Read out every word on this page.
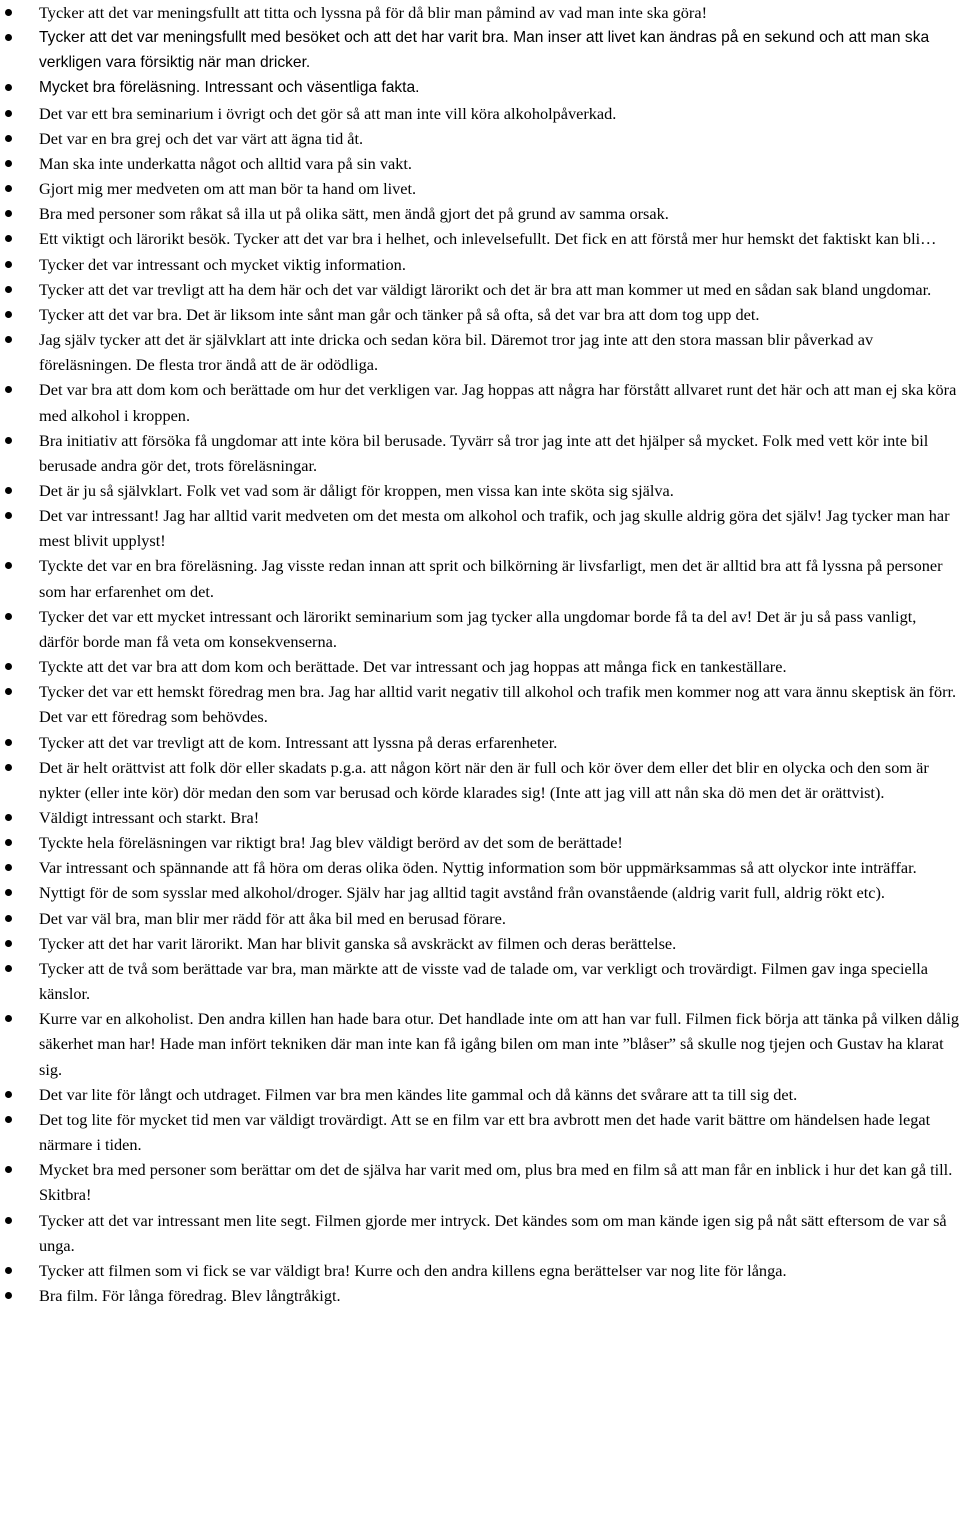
Tycker att det var meningsfullt att titta och lyssna på för då blir man påmind av vad man inte ska göra!
Tycker att det var meningsfullt med besöket och att det har varit bra. Man inser att livet kan ändras på en sekund och att man ska verkligen vara försiktig när man dricker.
Mycket bra föreläsning. Intressant och väsentliga fakta.
Det var ett bra seminarium i övrigt och det gör så att man inte vill köra alkoholpåverkad.
Det var en bra grej och det var värt att ägna tid åt.
Man ska inte underkatta något och alltid vara på sin vakt.
Gjort mig mer medveten om att man bör ta hand om livet.
Bra med personer som råkat så illa ut på olika sätt, men ändå gjort det på grund av samma orsak.
Ett viktigt och lärorikt besök. Tycker att det var bra i helhet, och inlevelsefullt. Det fick en att förstå mer hur hemskt det faktiskt kan bli…
Tycker det var intressant och mycket viktig information.
Tycker att det var trevligt att ha dem här och det var väldigt lärorikt och det är bra att man kommer ut med en sådan sak bland ungdomar.
Tycker att det var bra. Det är liksom inte sånt man går och tänker på så ofta, så det var bra att dom tog upp det.
Jag själv tycker att det är självklart att inte dricka och sedan köra bil. Däremot tror jag inte att den stora massan blir påverkad av föreläsningen. De flesta tror ändå att de är odödliga.
Det var bra att dom kom och berättade om hur det verkligen var. Jag hoppas att några har förstått allvaret runt det här och att man ej ska köra med alkohol i kroppen.
Bra initiativ att försöka få ungdomar att inte köra bil berusade. Tyvärr så tror jag inte att det hjälper så mycket. Folk med vett kör inte bil berusade andra gör det, trots föreläsningar.
Det är ju så självklart. Folk vet vad som är dåligt för kroppen, men vissa kan inte sköta sig själva.
Det var intressant! Jag har alltid varit medveten om det mesta om alkohol och trafik, och jag skulle aldrig göra det själv! Jag tycker man har mest blivit upplyst!
Tyckte det var en bra föreläsning. Jag visste redan innan att sprit och bilkörning är livsfarligt, men det är alltid bra att få lyssna på personer som har erfarenhet om det.
Tycker det var ett mycket intressant och lärorikt seminarium som jag tycker alla ungdomar borde få ta del av! Det är ju så pass vanligt, därför borde man få veta om konsekvenserna.
Tyckte att det var bra att dom kom och berättade. Det var intressant och jag hoppas att många fick en tankeställare.
Tycker det var ett hemskt föredrag men bra. Jag har alltid varit negativ till alkohol och trafik men kommer nog att vara ännu skeptisk än förr. Det var ett föredrag som behövdes.
Tycker att det var trevligt att de kom. Intressant att lyssna på deras erfarenheter.
Det är helt orättvist att folk dör eller skadats p.g.a. att någon kört när den är full och kör över dem eller det blir en olycka och den som är nykter (eller inte kör) dör medan den som var berusad och körde klarades sig! (Inte att jag vill att nån ska dö men det är orättvist).
Väldigt intressant och starkt. Bra!
Tyckte hela föreläsningen var riktigt bra! Jag blev väldigt berörd av det som de berättade!
Var intressant och spännande att få höra om deras olika öden. Nyttig information som bör uppmärksammas så att olyckor inte inträffar.
Nyttigt för de som sysslar med alkohol/droger. Själv har jag alltid tagit avstånd från ovanstående (aldrig varit full, aldrig rökt etc).
Det var väl bra, man blir mer rädd för att åka bil med en berusad förare.
Tycker att det har varit lärorikt. Man har blivit ganska så avskräckt av filmen och deras berättelse.
Tycker att de två som berättade var bra, man märkte att de visste vad de talade om, var verkligt och trovärdigt. Filmen gav inga speciella känslor.
Kurre var en alkoholist. Den andra killen han hade bara otur. Det handlade inte om att han var full. Filmen fick börja att tänka på vilken dålig säkerhet man har! Hade man infört tekniken där man inte kan få igång bilen om man inte ”blåser” så skulle nog tjejen och Gustav ha klarat sig.
Det var lite för långt och utdraget. Filmen var bra men kändes lite gammal och då känns det svårare att ta till sig det.
Det tog lite för mycket tid men var väldigt trovärdigt. Att se en film var ett bra avbrott men det hade varit bättre om händelsen hade legat närmare i tiden.
Mycket bra med personer som berättar om det de själva har varit med om, plus bra med en film så att man får en inblick i hur det kan gå till. Skitbra!
Tycker att det var intressant men lite segt. Filmen gjorde mer intryck. Det kändes som om man kände igen sig på nåt sätt eftersom de var så unga.
Tycker att filmen som vi fick se var väldigt bra! Kurre och den andra killens egna berättelser var nog lite för långa.
Bra film. För långa föredrag. Blev långtråkigt.
